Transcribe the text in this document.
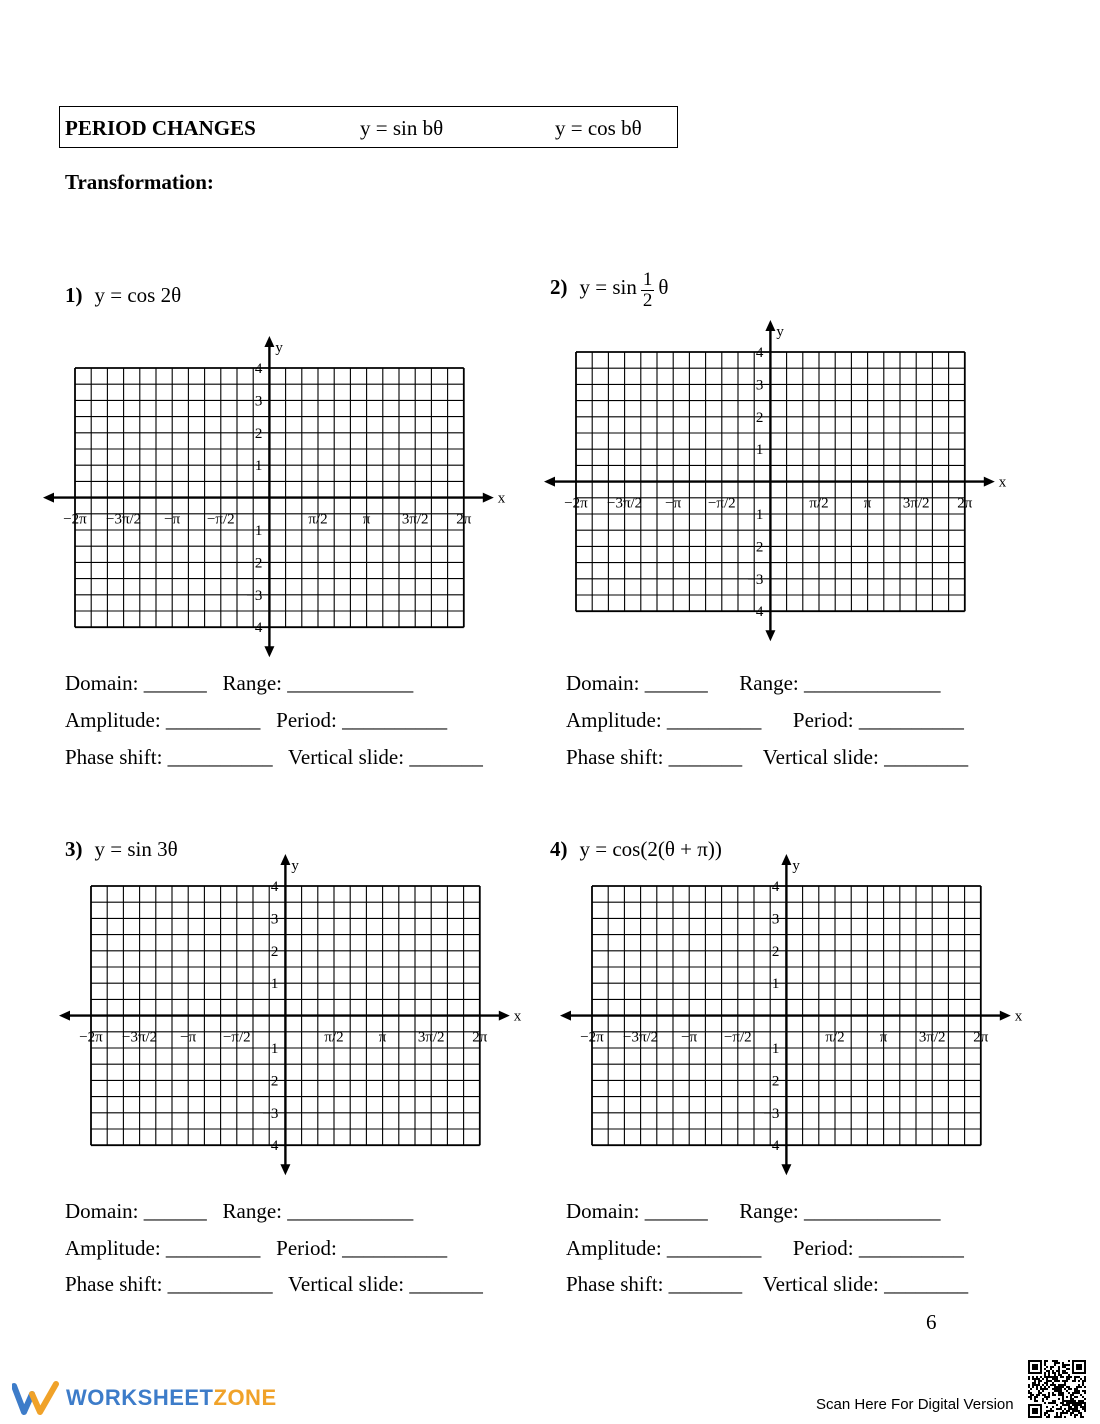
PERIOD CHANGES	y = sin bθ	y = cos bθ
Transformation:
1) y = cos 2θ	2) $y = \sin \frac{1}{2}$ θ
3) y = sin 3θ	4) y = cos(2(θ + π))
x
y
−2π −3π/2 −π −π/2	π/2 π 3π/2 2π
4
3
2
1
−1
−2
−3
−4
x
y
−2π −3π/2 −π −π/2	π/2 π 3π/2 2π
4
3
2
1
−1
−2
−3
−4
x
y
−2π −3π/2 −π −π/2	π/2 π 3π/2 2π
4
3
2
1
−1
−2
−3
−4
x
y
−2π −3π/2 −π −π/2	π/2 π 3π/2 2π
4
3
2
1
−1
−2
−3
−4
Domain: ______   Range: ____________
Amplitude: _________   Period: __________
Phase shift: __________   Vertical slide: _______
Domain: ______      Range: _____________
Amplitude: _________      Period: __________
Phase shift: _______    Vertical slide: ________
Domain: ______   Range: ____________
Amplitude: _________   Period: __________
Phase shift: __________   Vertical slide: _______
Domain: ______      Range: _____________
Amplitude: _________      Period: __________
Phase shift: _______    Vertical slide: ________
6
WORKSHEETZONE	Scan Here For Digital Version
